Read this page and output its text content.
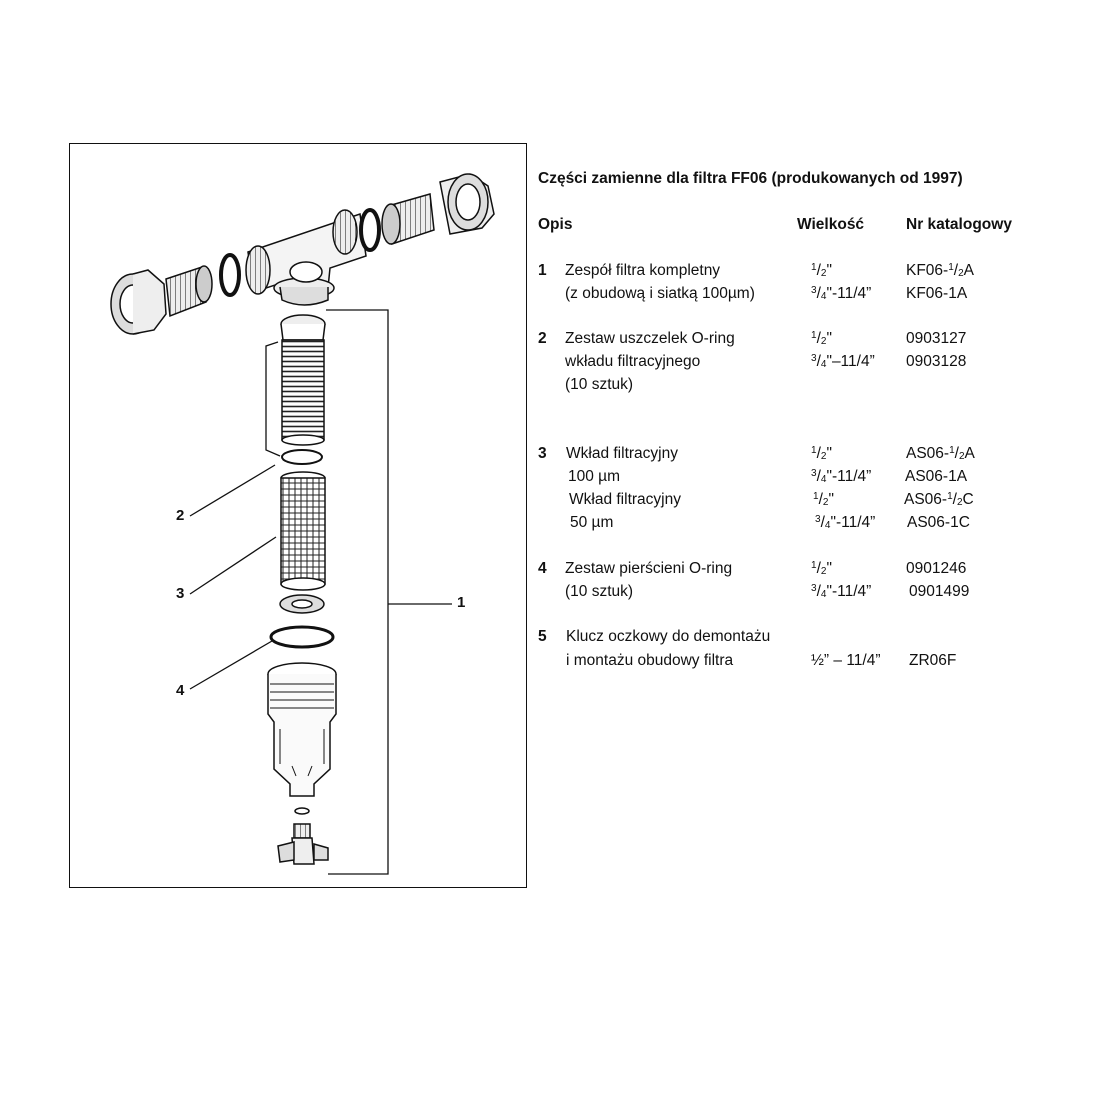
1
2
3
4
Części zamienne dla filtra FF06 (produkowanych od 1997)
Opis	Wielkość	Nr katalogowy
1 Zespół filtra kompletny	$^1/_2$"	$KF06-^1/_2A$
(z obudową i siatką 100µm)	$^3/_4"-11/4$” KF06-1A
2 Zestaw uszczelek O-ring	$^1/_2$"	0903127
wkładu filtracyjnego	$^3/_4"-11/4$” 0903128
(10 sztuk)
3 Wkład filtracyjny	$^1/_2$"	$AS06-^1/_2A$
100 µm	$^3/_4"-11/4$” AS06-1A
Wkład filtracyjny	$^1/_2$"	$AS06-^1/_2C$
50 µm	$^3/_4"-11/4$” AS06-1C
4 Zestaw pierścieni O-ring	$^1/_2$"	0901246
(10 sztuk)	$^3/_4"-11/4$” 0901499
5 Klucz oczkowy do demontażu
i montażu obudowy filtra	½” – 11/4” ZR06F
